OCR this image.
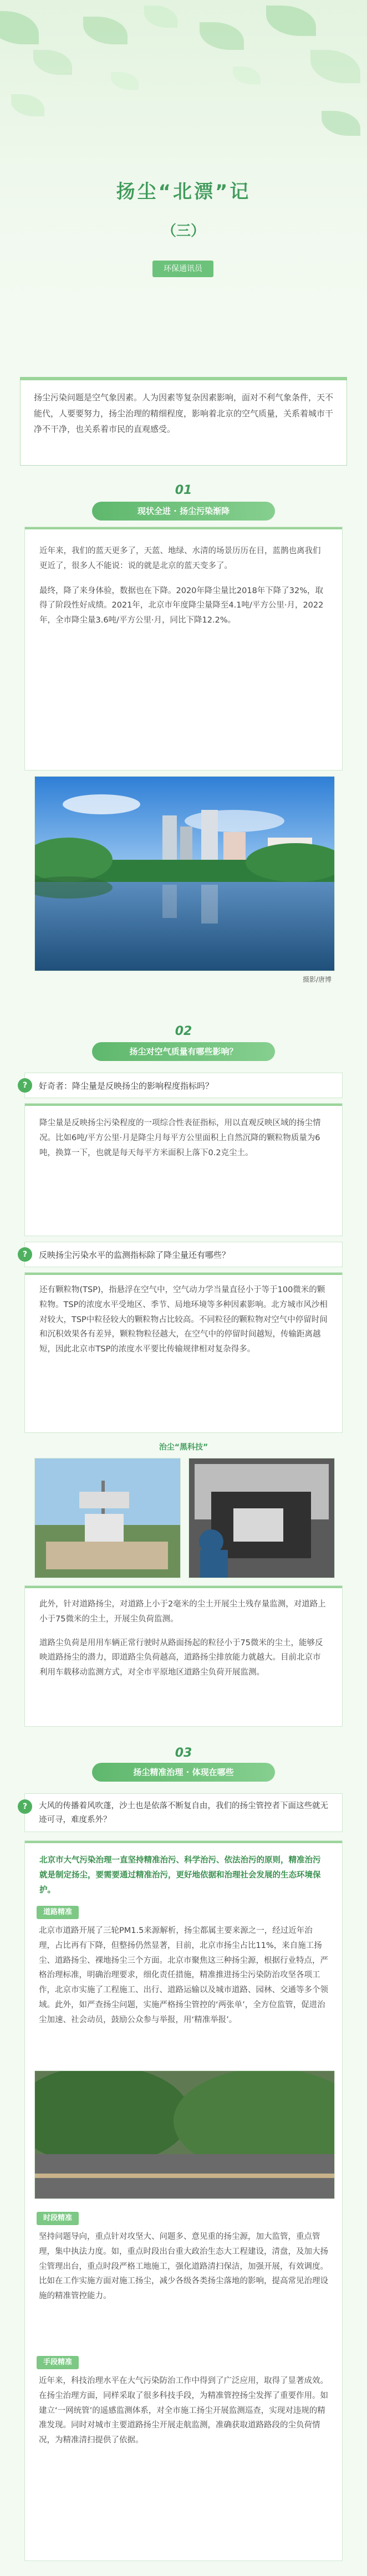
扬尘“北漂”记
（三）
环保通讯员
扬尘污染问题是空气象因素。人为因素等复杂因素影响，面对不利气象条件，天不能代，人要要努力，扬尘治理的精细程度，影响着北京的空气质量，关系着城市干净不干净，也关系着市民的直观感受。
01
现状全进 · 扬尘污染渐降

近年来，我们的蓝天更多了，天蓝、地绿、水清的场景历历在目，蓝鹊也离我们更近了，很多人不能说：说的就是北京的蓝天变多了。

最终，降了来身体验，数据也在下降。2020年降尘量比2018年下降了32%，取得了阶段性好成绩。2021年，北京市年度降尘量降至4.1吨/平方公里·月，2022年，全市降尘量3.6吨/平方公里·月，同比下降12.2%。

摄影/唐博
02
扬尘对空气质量有哪些影响？
?	好奇者：降尘量是反映扬尘的影响程度指标吗？

降尘量是反映扬尘污染程度的一项综合性表征指标，用以直观反映区域的扬尘情况。比如6吨/平方公里·月是降尘月每平方公里面积上自然沉降的颗粒物质量为6吨，换算一下，也就是每天每平方米面积上落下0.2克尘土。

?	反映扬尘污染水平的监测指标除了降尘量还有哪些？

还有颗粒物(TSP)，指悬浮在空气中，空气动力学当量直径小于等于100微米的颗粒物。TSP的浓度水平受地区、季节、局地环境等多种因素影响。北方城市风沙相对较大，TSP中粒径较大的颗粒物占比较高。不同粒径的颗粒物对空气中停留时间和沉积效果各有差异，颗粒物粒径越大，在空气中的停留时间越短，传输距离越短，因此北京市TSP的浓度水平要比传输规律相对复杂得多。

治尘“黑科技”

此外，针对道路扬尘，对道路上小于2毫米的尘土开展尘土残存量监测，对道路上小于75微米的尘土，开展尘负荷监测。

道路尘负荷是用用车辆正常行驶时从路面扬起的粒径小于75微米的尘土，能够反映道路扬尘的潜力，即道路尘负荷越高，道路扬尘排放能力就越大。目前北京市利用车载移动监测方式，对全市平原地区道路尘负荷开展监测。

03
扬尘精准治理 · 体现在哪些
?	大风的传播着风吹蓬，沙土也是依落不断复自由，我们的扬尘管控者下面这些就无迹可寻，难度系外？

北京市大气污染治理一直坚持精准治污、科学治污、依法治污的原则，精准治污就是制定扬尘，要需要通过精准治污，更好地依据和治理社会发展的生态环境保护。

道路精准

北京市道路开展了三轮PM1.5来源解析，扬尘都属主要来源之一，经过近年治理，占比再有下降，但整扬仍然显著，目前，北京市扬尘占比11%，来自施工扬尘、道路扬尘、裸地扬尘三个方面。北京市聚焦这三种扬尘源，根据行业特点，严格治理标准，明确治理要求，细化责任措施，精准推进扬尘污染防治攻坚各项工作，北京市实施了工程施工、出行、道路运输以及城市道路、园林、交通等多个领域。此外，如严查扬尘问题，实施严格扬尘管控的‘两张单’，全方位监管，促进治尘加速、社会动员，鼓励公众参与举报，用‘精准举报’。

时段精准

坚持问题导向，重点针对攻坚大、问题多、意见重的扬尘源，加大监管，重点管理，集中执法力度。如，重点时段出台重大政治生态大工程建设，清盘，及加大扬尘管理出台，重点时段严格工地施工，强化道路清扫保洁，加强开展，有效调度。比如在工作实施方面对施工扬尘，减少各级各类扬尘落地的影响，提高常见治理设施的精准管控能力。

手段精准

近年来，科技治理水平在大气污染防治工作中得到了广泛应用，取得了显著成效。在扬尘治理方面，同样采取了很多科技手段，为精准管控扬尘发挥了重要作用。如建立‘一网统管’的遥感监测体系，对全市施工扬尘开展监测巡查，实现对违规的精准发现。同时对城市主要道路扬尘开展走航监测，准确获取道路路段的尘负荷情况，为精准清扫提供了依据。
